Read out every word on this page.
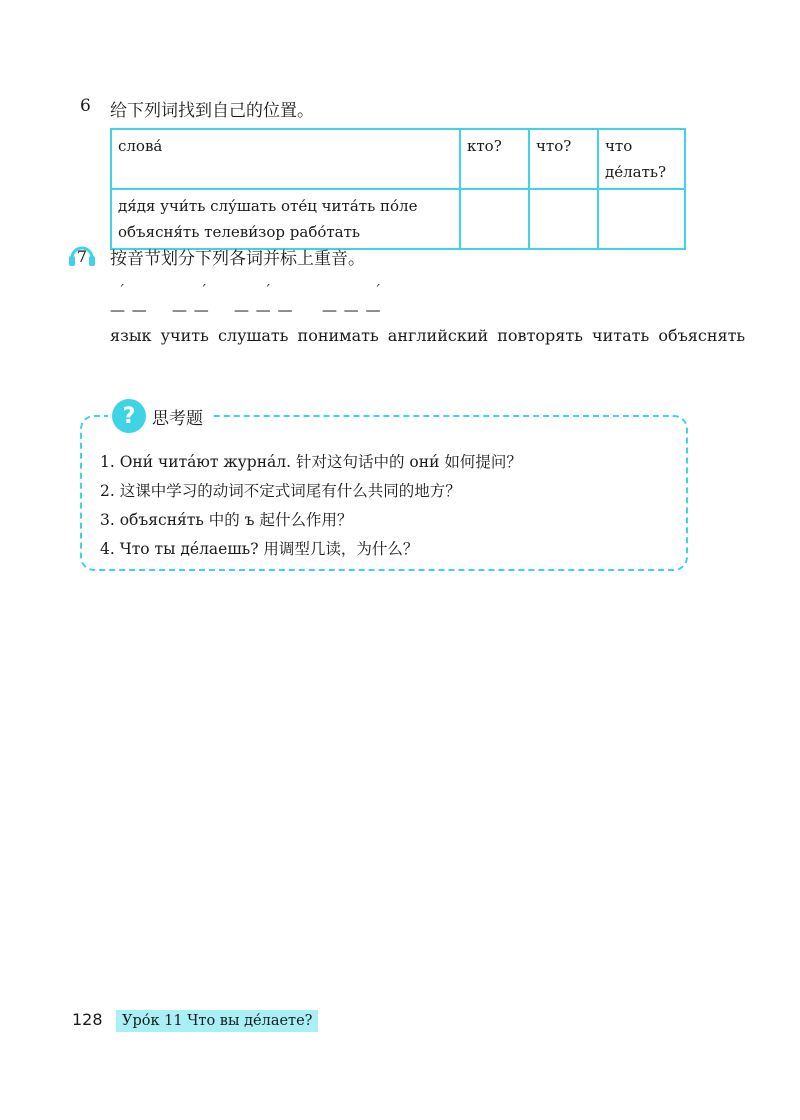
6 给下列词找到自己的位置。
слова́	кто?	что?	что де́лать?

дя́дя учи́ть слу́шать оте́ц чита́ть по́ле
объясня́ть телеви́зор рабо́тать			

7 按音节划分下列各词并标上重音。
ˊ
— —
ˊ
— —
ˊ
— — —
ˊ
— — —
язык учить слушать понимать английский повторять читать объяснять
? 思考题
1. Они́ чита́ют журна́л. 针对这句话中的 они́ 如何提问？
2. 这课中学习的动词不定式词尾有什么共同的地方？
3. объясня́ть 中的 ъ 起什么作用？
4. Что ты де́лаешь? 用调型几读，为什么？
128	Уро́к 11 Что вы де́лаете?
